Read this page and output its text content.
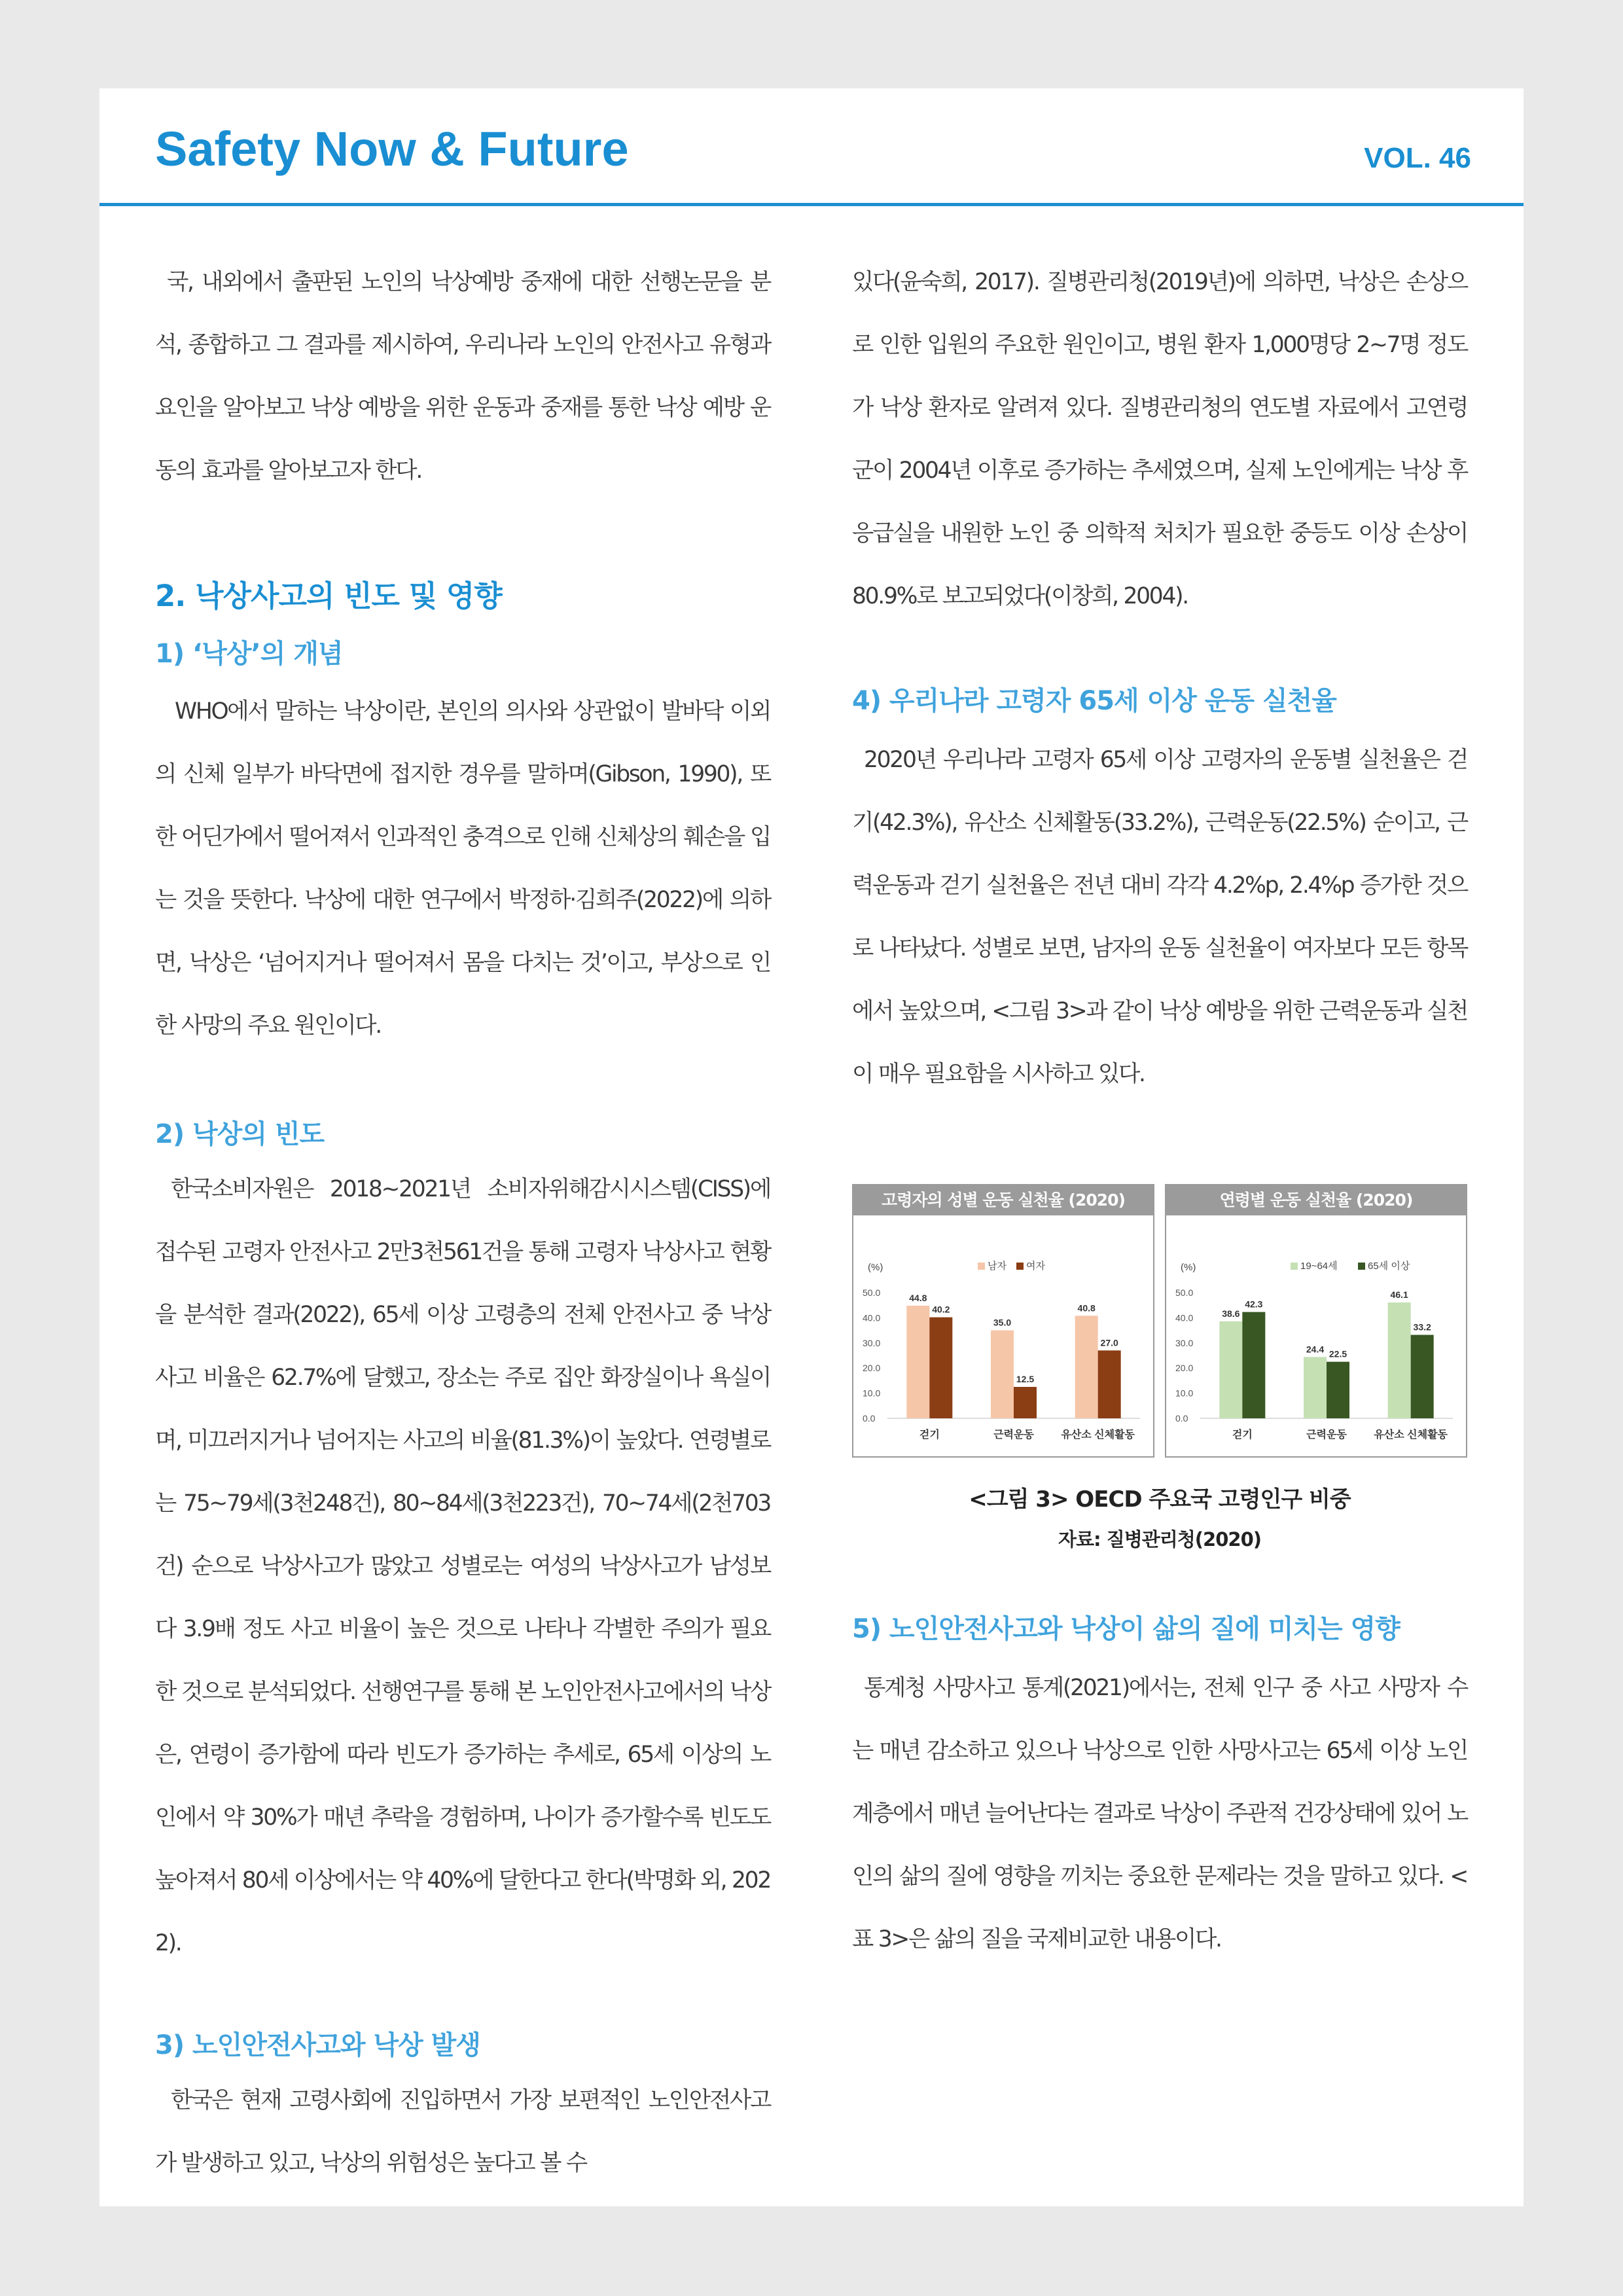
Safety Now & Future	VOL. 46

국, 내외에서 출판된 노인의 낙상예방 중재에 대한 선행논문을 분석, 종합하고 그 결과를 제시하여, 우리나라 노인의 안전사고 유형과 요인을 알아보고 낙상 예방을 위한 운동과 중재를 통한 낙상 예방 운동의 효과를 알아보고자 한다.

2. 낙상사고의 빈도 및 영향
1) ‘낙상’의 개념

WHO에서 말하는 낙상이란, 본인의 의사와 상관없이 발바닥 이외의 신체 일부가 바닥면에 접지한 경우를 말하며(Gibson, 1990), 또한 어딘가에서 떨어져서 인과적인 충격으로 인해 신체상의 훼손을 입는 것을 뜻한다. 낙상에 대한 연구에서 박정하·김희주(2022)에 의하면, 낙상은 ‘넘어지거나 떨어져서 몸을 다치는 것’이고, 부상으로 인한 사망의 주요 원인이다.

2) 낙상의 빈도

한국소비자원은 2018~2021년 소비자위해감시시스템(CISS)에 접수된 고령자 안전사고 2만3천561건을 통해 고령자 낙상사고 현황을 분석한 결과(2022), 65세 이상 고령층의 전체 안전사고 중 낙상사고 비율은 62.7%에 달했고, 장소는 주로 집안 화장실이나 욕실이며, 미끄러지거나 넘어지는 사고의 비율(81.3%)이 높았다. 연령별로는 75~79세(3천248건), 80~84세(3천223건), 70~74세(2천703건) 순으로 낙상사고가 많았고 성별로는 여성의 낙상사고가 남성보다 3.9배 정도 사고 비율이 높은 것으로 나타나 각별한 주의가 필요한 것으로 분석되었다. 선행연구를 통해 본 노인안전사고에서의 낙상은, 연령이 증가함에 따라 빈도가 증가하는 추세로, 65세 이상의 노인에서 약 30%가 매년 추락을 경험하며, 나이가 증가할수록 빈도도 높아져서 80세 이상에서는 약 40%에 달한다고 한다(박명화 외, 2022).

3) 노인안전사고와 낙상 발생

한국은 현재 고령사회에 진입하면서 가장 보편적인 노인안전사고가 발생하고 있고, 낙상의 위험성은 높다고 볼 수

있다(윤숙희, 2017). 질병관리청(2019년)에 의하면, 낙상은 손상으로 인한 입원의 주요한 원인이고, 병원 환자 1,000명당 2~7명 정도가 낙상 환자로 알려져 있다. 질병관리청의 연도별 자료에서 고연령 군이 2004년 이후로 증가하는 추세였으며, 실제 노인에게는 낙상 후 응급실을 내원한 노인 중 의학적 처치가 필요한 중등도 이상 손상이 80.9%로 보고되었다(이창희, 2004).

4) 우리나라 고령자 65세 이상 운동 실천율

2020년 우리나라 고령자 65세 이상 고령자의 운동별 실천율은 걷기(42.3%), 유산소 신체활동(33.2%), 근력운동(22.5%) 순이고, 근력운동과 걷기 실천율은 전년 대비 각각 4.2%p, 2.4%p 증가한 것으로 나타났다. 성별로 보면, 남자의 운동 실천율이 여자보다 모든 항목에서 높았으며, <그림 3>과 같이 낙상 예방을 위한 근력운동과 실천이 매우 필요함을 시사하고 있다.

고령자의 성별 운동 실천율 (2020)
(%)	남자 여자
0.0
10.0
20.0
30.0
40.0
50.0	44.8
40.2
걷기
35.0
12.5
근력운동
40.8
27.0
유산소 신체활동
연령별 운동 실천율 (2020)
(%)	19~64세	65세 이상
0.0
10.0
20.0
30.0
40.0
50.0
38.6
42.3
걷기
24.4 22.5
근력운동
46.1
33.2
유산소 신체활동
<그림 3> OECD 주요국 고령인구 비중
자료: 질병관리청(2020)
5) 노인안전사고와 낙상이 삶의 질에 미치는 영향

통계청 사망사고 통계(2021)에서는, 전체 인구 중 사고 사망자 수는 매년 감소하고 있으나 낙상으로 인한 사망사고는 65세 이상 노인 계층에서 매년 늘어난다는 결과로 낙상이 주관적 건강상태에 있어 노인의 삶의 질에 영향을 끼치는 중요한 문제라는 것을 말하고 있다. <표 3>은 삶의 질을 국제비교한 내용이다.
